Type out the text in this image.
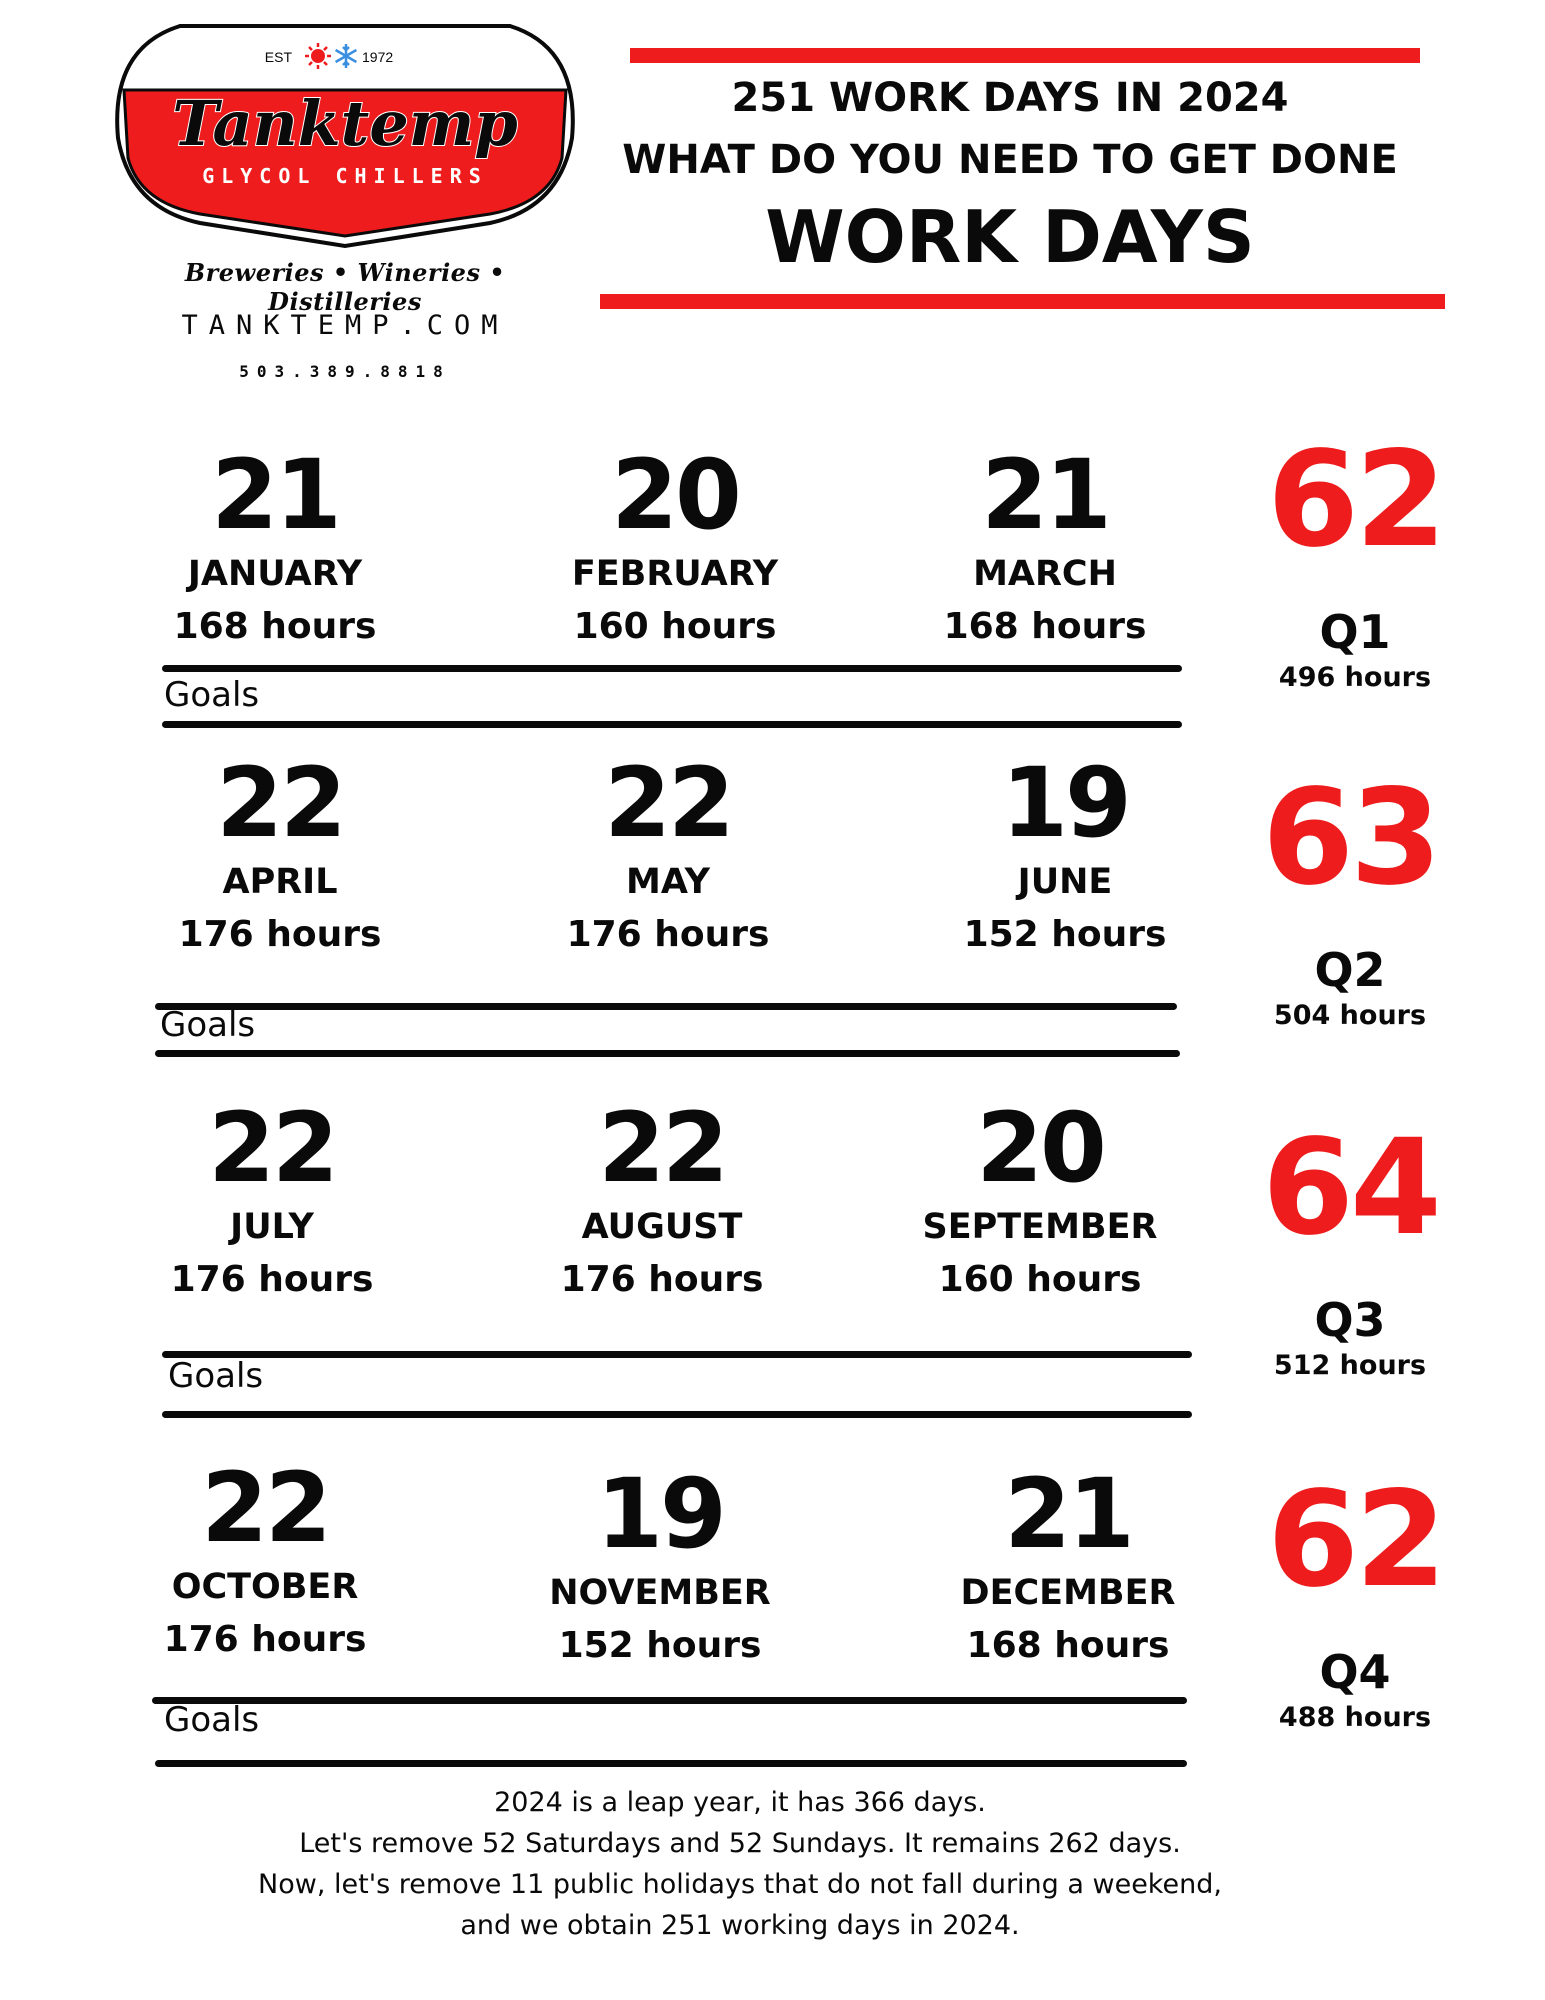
EST	1972
Tanktemp
GLYCOL CHILLERS
Breweries • Wineries • Distilleries
TANKTEMP.COM
503.389.8818
251 WORK DAYS IN 2024
WHAT DO YOU NEED TO GET DONE
WORK DAYS
21
JANUARY
168 hours
20
FEBRUARY
160 hours
21
MARCH
168 hours
Goals
62
Q1
496 hours
22
APRIL
176 hours
22
MAY
176 hours
19
JUNE
152 hours
Goals
63
Q2
504 hours
22
JULY
176 hours
22
AUGUST
176 hours
20
SEPTEMBER
160 hours
Goals
64
Q3
512 hours
22
OCTOBER
176 hours
19
NOVEMBER
152 hours
21
DECEMBER
168 hours
Goals
62
Q4
488 hours
2024 is a leap year, it has 366 days.
Let's remove 52 Saturdays and 52 Sundays. It remains 262 days.
Now, let's remove 11 public holidays that do not fall during a weekend,
and we obtain 251 working days in 2024.
